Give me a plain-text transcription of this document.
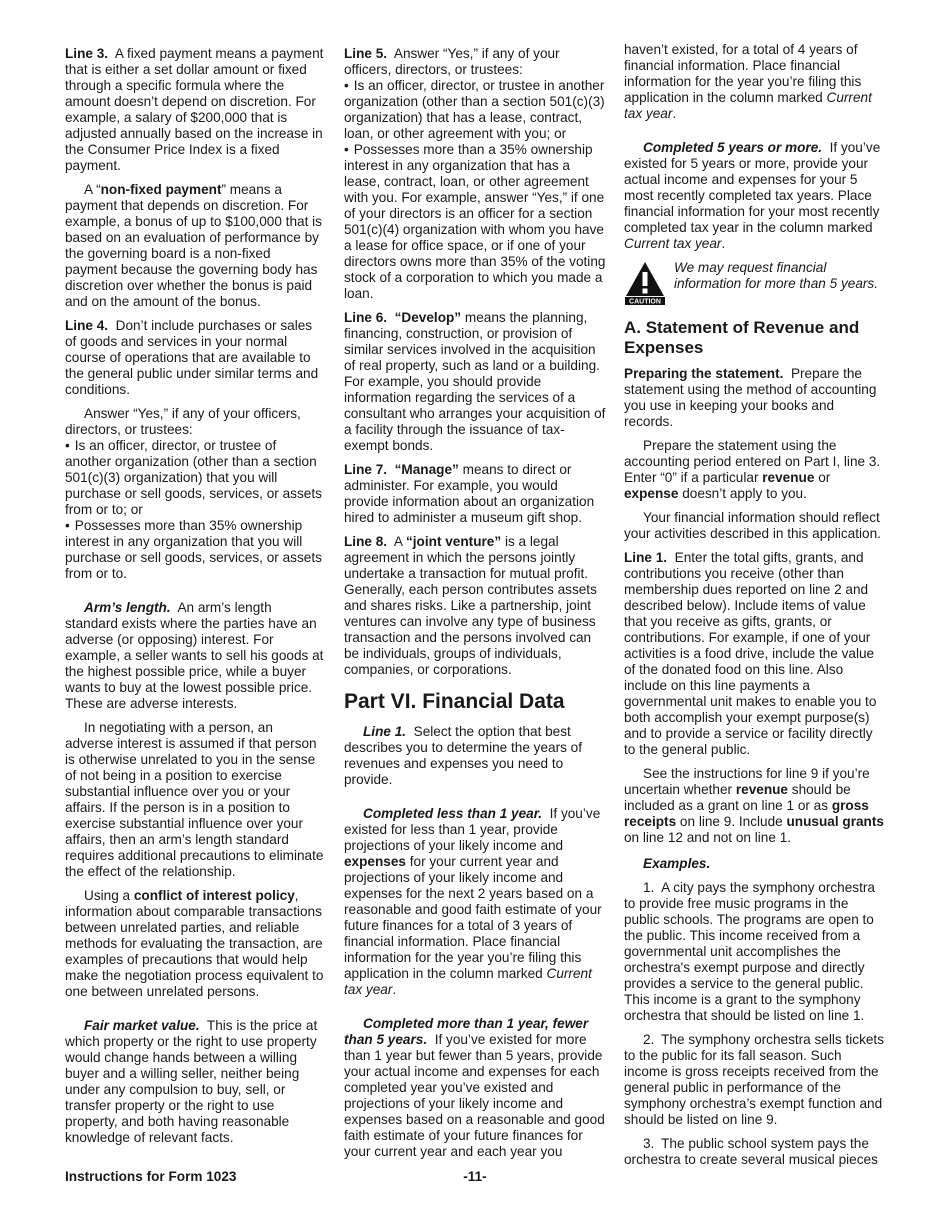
Line 3. A fixed payment means a payment that is either a set dollar amount or fixed through a specific formula where the amount doesn’t depend on discretion. For example, a salary of $200,000 that is adjusted annually based on the increase in the Consumer Price Index is a fixed payment.

A “non-fixed payment” means a payment that depends on discretion. For example, a bonus of up to $100,000 that is based on an evaluation of performance by the governing board is a non-fixed payment because the governing body has discretion over whether the bonus is paid and on the amount of the bonus.

Line 4. Don’t include purchases or sales of goods and services in your normal course of operations that are available to the general public under similar terms and conditions.

Answer “Yes,” if any of your officers, directors, or trustees:

• Is an officer, director, or trustee of another organization (other than a section 501(c)(3) organization) that you will purchase or sell goods, services, or assets from or to; or

• Possesses more than 35% ownership interest in any organization that you will purchase or sell goods, services, or assets from or to.

Arm’s length. An arm’s length standard exists where the parties have an adverse (or opposing) interest. For example, a seller wants to sell his goods at the highest possible price, while a buyer wants to buy at the lowest possible price. These are adverse interests.

In negotiating with a person, an adverse interest is assumed if that person is otherwise unrelated to you in the sense of not being in a position to exercise substantial influence over you or your affairs. If the person is in a position to exercise substantial influence over your affairs, then an arm’s length standard requires additional precautions to eliminate the effect of the relationship.

Using a conflict of interest policy, information about comparable transactions between unrelated parties, and reliable methods for evaluating the transaction, are examples of precautions that would help make the negotiation process equivalent to one between unrelated persons.

Fair market value. This is the price at which property or the right to use property would change hands between a willing buyer and a willing seller, neither being under any compulsion to buy, sell, or transfer property or the right to use property, and both having reasonable knowledge of relevant facts.

Line 5. Answer “Yes,” if any of your officers, directors, or trustees:

• Is an officer, director, or trustee in another organization (other than a section 501(c)(3) organization) that has a lease, contract, loan, or other agreement with you; or

• Possesses more than a 35% ownership interest in any organization that has a lease, contract, loan, or other agreement with you. For example, answer “Yes,” if one of your directors is an officer for a section 501(c)(4) organization with whom you have a lease for office space, or if one of your directors owns more than 35% of the voting stock of a corporation to which you made a loan.

Line 6. “Develop” means the planning, financing, construction, or provision of similar services involved in the acquisition of real property, such as land or a building. For example, you should provide information regarding the services of a consultant who arranges your acquisition of a facility through the issuance of tax-exempt bonds.

Line 7. “Manage” means to direct or administer. For example, you would provide information about an organization hired to administer a museum gift shop.

Line 8. A “joint venture” is a legal agreement in which the persons jointly undertake a transaction for mutual profit. Generally, each person contributes assets and shares risks. Like a partnership, joint ventures can involve any type of business transaction and the persons involved can be individuals, groups of individuals, companies, or corporations.

Part VI. Financial Data

Line 1. Select the option that best describes you to determine the years of revenues and expenses you need to provide.

Completed less than 1 year. If you’ve existed for less than 1 year, provide projections of your likely income and expenses for your current year and projections of your likely income and expenses for the next 2 years based on a reasonable and good faith estimate of your future finances for a total of 3 years of financial information. Place financial information for the year you’re filing this application in the column marked Current tax year.

Completed more than 1 year, fewer than 5 years. If you’ve existed for more than 1 year but fewer than 5 years, provide your actual income and expenses for each completed year you’ve existed and projections of your likely income and expenses based on a reasonable and good faith estimate of your future finances for your current year and each year you

haven’t existed, for a total of 4 years of financial information. Place financial information for the year you’re filing this application in the column marked Current tax year.

Completed 5 years or more. If you’ve existed for 5 years or more, provide your actual income and expenses for your 5 most recently completed tax years. Place financial information for your most recently completed tax year in the column marked Current tax year.

CAUTION
We may request financial information for more than 5 years.
A. Statement of Revenue and Expenses

Preparing the statement. Prepare the statement using the method of accounting you use in keeping your books and records.

Prepare the statement using the accounting period entered on Part I, line 3. Enter “0” if a particular revenue or expense doesn’t apply to you.

Your financial information should reflect your activities described in this application.

Line 1. Enter the total gifts, grants, and contributions you receive (other than membership dues reported on line 2 and described below). Include items of value that you receive as gifts, grants, or contributions. For example, if one of your activities is a food drive, include the value of the donated food on this line. Also include on this line payments a governmental unit makes to enable you to both accomplish your exempt purpose(s) and to provide a service or facility directly to the general public.

See the instructions for line 9 if you’re uncertain whether revenue should be included as a grant on line 1 or as gross receipts on line 9. Include unusual grants on line 12 and not on line 1.

Examples.

1. A city pays the symphony orchestra to provide free music programs in the public schools. The programs are open to the public. This income received from a governmental unit accomplishes the orchestra's exempt purpose and directly provides a service to the general public. This income is a grant to the symphony orchestra that should be listed on line 1.

2. The symphony orchestra sells tickets to the public for its fall season. Such income is gross receipts received from the general public in performance of the symphony orchestra’s exempt function and should be listed on line 9.

3. The public school system pays the orchestra to create several musical pieces

Instructions for Form 1023	-11-
